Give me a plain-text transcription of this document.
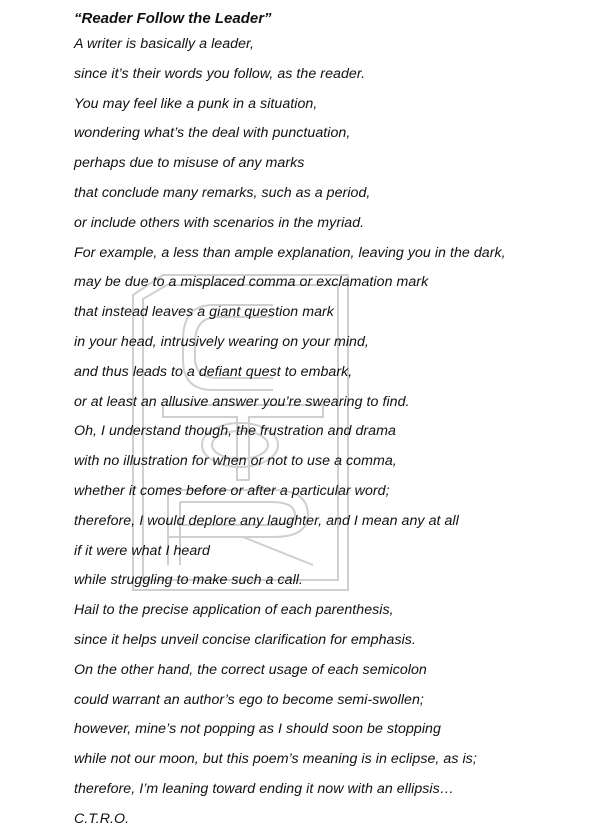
“Reader Follow the Leader”
A writer is basically a leader,
since it’s their words you follow, as the reader.
You may feel like a punk in a situation,
wondering what’s the deal with punctuation,
perhaps due to misuse of any marks
that conclude many remarks, such as a period,
or include others with scenarios in the myriad.
For example, a less than ample explanation, leaving you in the dark,
may be due to a misplaced comma or exclamation mark
that instead leaves a giant question mark
in your head, intrusively wearing on your mind,
and thus leads to a defiant quest to embark,
or at least an allusive answer you’re swearing to find.
Oh, I understand though, the frustration and drama
with no illustration for when or not to use a comma,
whether it comes before or after a particular word;
therefore, I would deplore any laughter, and I mean any at all
if it were what I heard
while struggling to make such a call.
Hail to the precise application of each parenthesis,
since it helps unveil concise clarification for emphasis.
On the other hand, the correct usage of each semicolon
could warrant an author’s ego to become semi-swollen;
however, mine’s not popping as I should soon be stopping
while not our moon, but this poem’s meaning is in eclipse, as is;
therefore, I’m leaning toward ending it now with an ellipsis…
C.T.R.O.
